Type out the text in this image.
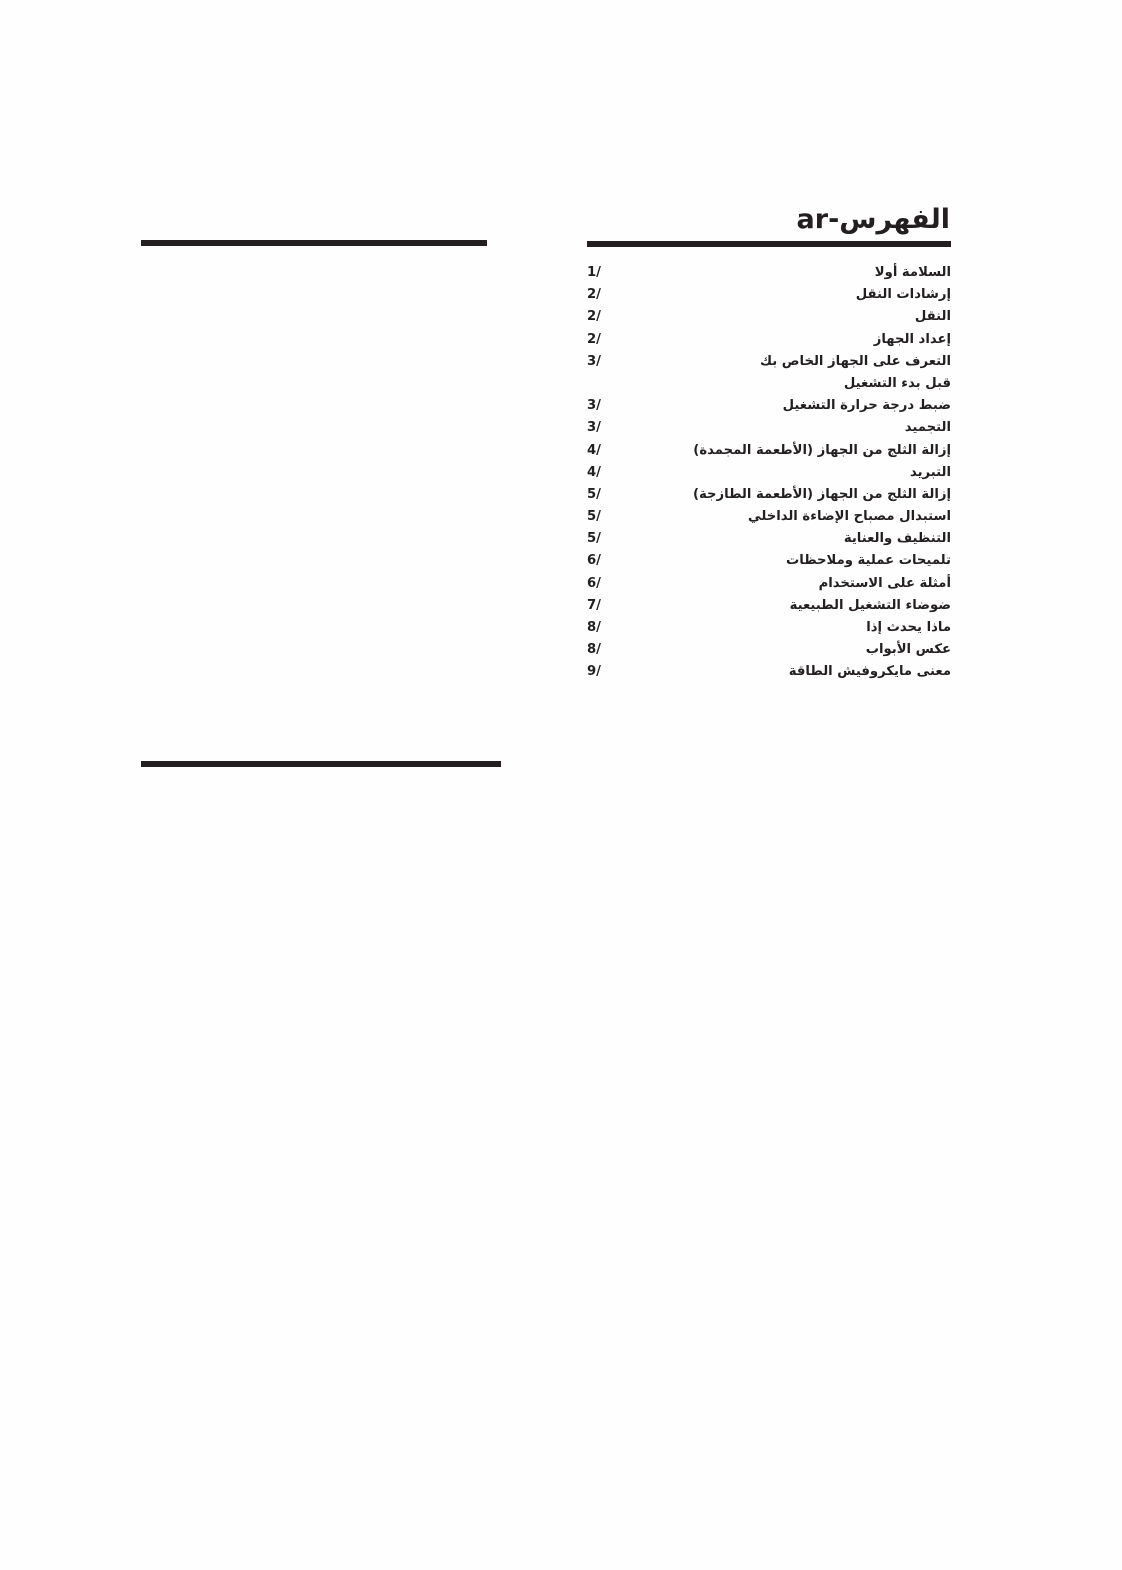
ar-الفهرس
السلامة أولا
1/
إرشادات النقل
2/
النقل
2/
إعداد الجهاز
2/
التعرف على الجهاز الخاص بك
3/
قبل بدء التشغيل
ضبط درجة حرارة التشغيل
3/
التجميد
3/
إزالة الثلج من الجهاز (الأطعمة المجمدة)
4/
التبريد
4/
إزالة الثلج من الجهاز (الأطعمة الطازجة)
5/
استبدال مصباح الإضاءة الداخلي
5/
التنظيف والعناية
5/
تلميحات عملية وملاحظات
6/
أمثلة على الاستخدام
6/
ضوضاء التشغيل الطبيعية
7/
ماذا يحدث إذا
8/
عكس الأبواب
8/
معنى مايكروفيش الطاقة
9/
